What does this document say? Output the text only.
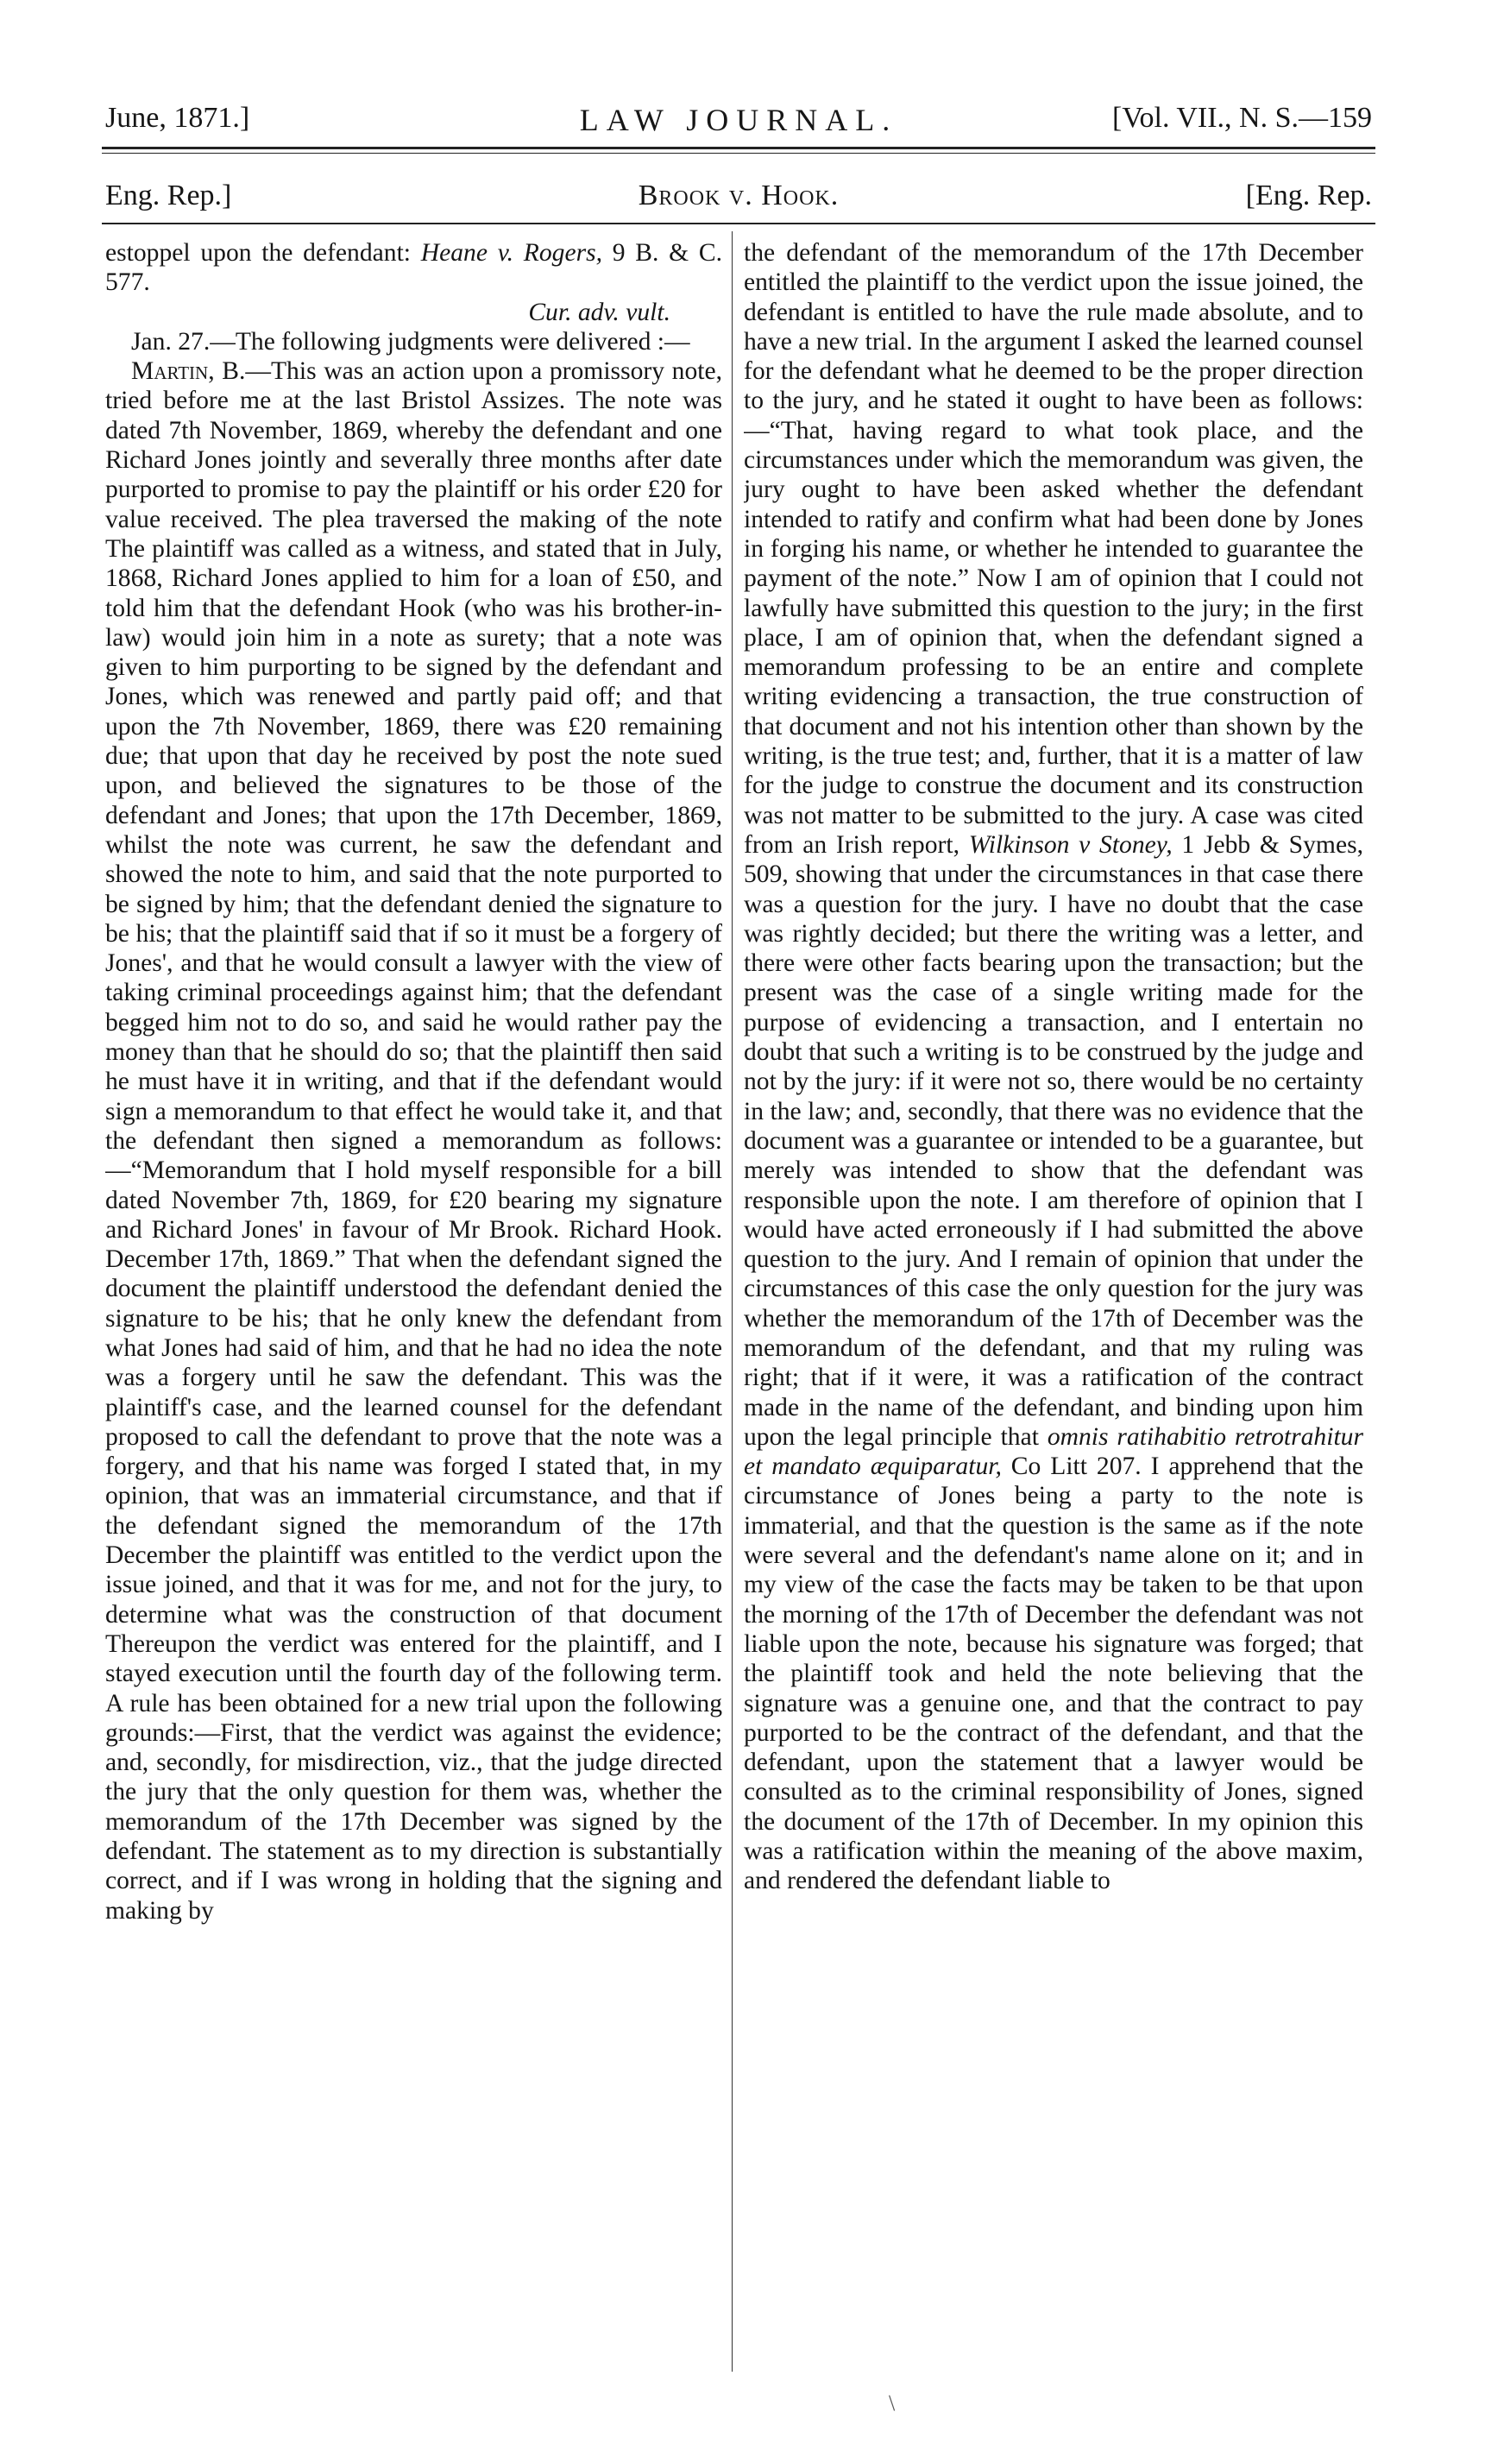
June, 1871.]	LAW JOURNAL.	[Vol. VII., N. S.—159
Eng. Rep.]	Brook v. Hook.	[Eng. Rep.

estoppel upon the defendant: Heane v. Rogers, 9 B. & C. 577.

Cur. adv. vult.

Jan. 27.—The following judgments were delivered :—

Martin, B.—This was an action upon a promissory note, tried before me at the last Bristol Assizes. The note was dated 7th November, 1869, whereby the defendant and one Richard Jones jointly and severally three months after date purported to promise to pay the plaintiff or his order £20 for value received. The plea traversed the making of the note The plaintiff was called as a witness, and stated that in July, 1868, Richard Jones applied to him for a loan of £50, and told him that the defendant Hook (who was his brother-in-law) would join him in a note as surety; that a note was given to him purporting to be signed by the defendant and Jones, which was renewed and partly paid off; and that upon the 7th November, 1869, there was £20 remaining due; that upon that day he received by post the note sued upon, and believed the signatures to be those of the defendant and Jones; that upon the 17th December, 1869, whilst the note was current, he saw the defendant and showed the note to him, and said that the note purported to be signed by him; that the defendant denied the signature to be his; that the plaintiff said that if so it must be a forgery of Jones', and that he would consult a lawyer with the view of taking criminal proceedings against him; that the defendant begged him not to do so, and said he would rather pay the money than that he should do so; that the plaintiff then said he must have it in writing, and that if the defendant would sign a memorandum to that effect he would take it, and that the defendant then signed a memorandum as follows:—“Memorandum that I hold myself responsible for a bill dated November 7th, 1869, for £20 bearing my signature and Richard Jones' in favour of Mr Brook. Richard Hook. December 17th, 1869.” That when the defendant signed the document the plaintiff understood the defendant denied the signature to be his; that he only knew the defendant from what Jones had said of him, and that he had no idea the note was a forgery until he saw the defendant. This was the plaintiff's case, and the learned counsel for the defendant proposed to call the defendant to prove that the note was a forgery, and that his name was forged I stated that, in my opinion, that was an immaterial circumstance, and that if the defendant signed the memorandum of the 17th December the plaintiff was entitled to the verdict upon the issue joined, and that it was for me, and not for the jury, to determine what was the construction of that document Thereupon the verdict was entered for the plaintiff, and I stayed execution until the fourth day of the following term. A rule has been obtained for a new trial upon the following grounds:—First, that the verdict was against the evidence; and, secondly, for misdirection, viz., that the judge directed the jury that the only question for them was, whether the memorandum of the 17th December was signed by the defendant. The statement as to my direction is substantially correct, and if I was wrong in holding that the signing and making by

the defendant of the memorandum of the 17th December entitled the plaintiff to the verdict upon the issue joined, the defendant is entitled to have the rule made absolute, and to have a new trial. In the argument I asked the learned counsel for the defendant what he deemed to be the proper direction to the jury, and he stated it ought to have been as follows:—“That, having regard to what took place, and the circumstances under which the memorandum was given, the jury ought to have been asked whether the defendant intended to ratify and confirm what had been done by Jones in forging his name, or whether he intended to guarantee the payment of the note.” Now I am of opinion that I could not lawfully have submitted this question to the jury; in the first place, I am of opinion that, when the defendant signed a memorandum professing to be an entire and complete writing evidencing a transaction, the true construction of that document and not his intention other than shown by the writing, is the true test; and, further, that it is a matter of law for the judge to construe the document and its construction was not matter to be submitted to the jury. A case was cited from an Irish report, Wilkinson v Stoney, 1 Jebb & Symes, 509, showing that under the circumstances in that case there was a question for the jury. I have no doubt that the case was rightly decided; but there the writing was a letter, and there were other facts bearing upon the transaction; but the present was the case of a single writing made for the purpose of evidencing a transaction, and I entertain no doubt that such a writing is to be construed by the judge and not by the jury: if it were not so, there would be no certainty in the law; and, secondly, that there was no evidence that the document was a guarantee or intended to be a guarantee, but merely was intended to show that the defendant was responsible upon the note. I am therefore of opinion that I would have acted erroneously if I had submitted the above question to the jury. And I remain of opinion that under the circumstances of this case the only question for the jury was whether the memorandum of the 17th of December was the memorandum of the defendant, and that my ruling was right; that if it were, it was a ratification of the contract made in the name of the defendant, and binding upon him upon the legal principle that omnis ratihabitio retrotrahitur et mandato æquiparatur, Co Litt 207. I apprehend that the circumstance of Jones being a party to the note is immaterial, and that the question is the same as if the note were several and the defendant's name alone on it; and in my view of the case the facts may be taken to be that upon the morning of the 17th of December the defendant was not liable upon the note, because his signature was forged; that the plaintiff took and held the note believing that the signature was a genuine one, and that the contract to pay purported to be the contract of the defendant, and that the defendant, upon the statement that a lawyer would be consulted as to the criminal responsibility of Jones, signed the document of the 17th of December. In my opinion this was a ratification within the meaning of the above maxim, and rendered the defendant liable to

\
